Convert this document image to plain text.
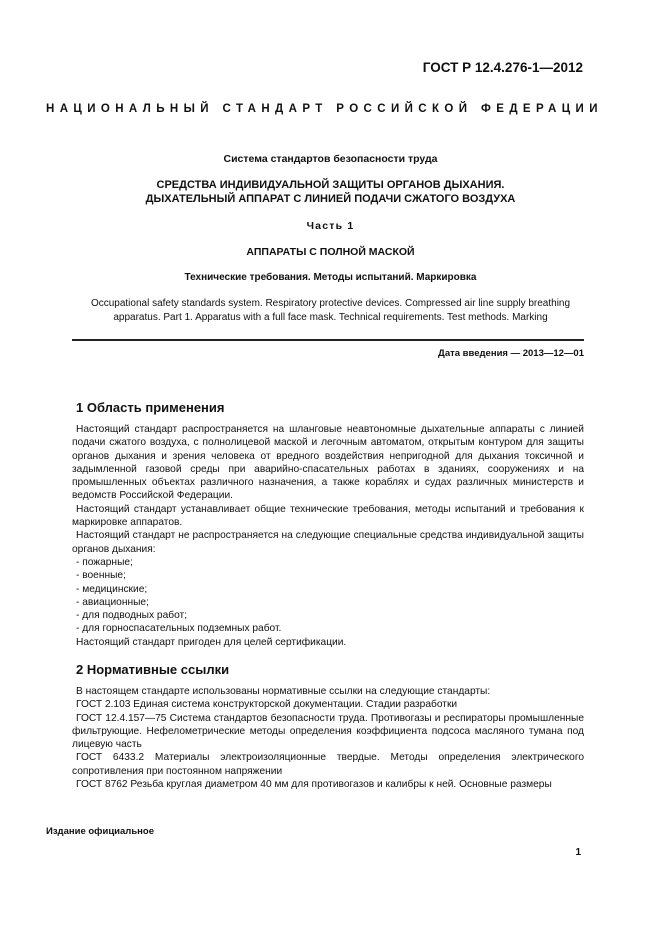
ГОСТ Р 12.4.276-1—2012
НАЦИОНАЛЬНЫЙ СТАНДАРТ РОССИЙСКОЙ ФЕДЕРАЦИИ
Система стандартов безопасности труда
СРЕДСТВА ИНДИВИДУАЛЬНОЙ ЗАЩИТЫ ОРГАНОВ ДЫХАНИЯ.
ДЫХАТЕЛЬНЫЙ АППАРАТ С ЛИНИЕЙ ПОДАЧИ СЖАТОГО ВОЗДУХА
Часть 1
АППАРАТЫ С ПОЛНОЙ МАСКОЙ
Технические требования. Методы испытаний. Маркировка
Occupational safety standards system. Respiratory protective devices. Compressed air line supply breathing
apparatus. Part 1. Apparatus with a full face mask. Technical requirements. Test methods. Marking
Дата введения — 2013—12—01
1 Область применения

Настоящий стандарт распространяется на шланговые неавтономные дыхательные аппараты с линией подачи сжатого воздуха, с полнолицевой маской и легочным автоматом, открытым контуром для защиты органов дыхания и зрения человека от вредного воздействия непригодной для дыхания токсичной и задымленной газовой среды при аварийно-спасательных работах в зданиях, сооружениях и на промышленных объектах различного назначения, а также кораблях и судах различных министерств и ведомств Российской Федерации.

Настоящий стандарт устанавливает общие технические требования, методы испытаний и требования к маркировке аппаратов.

Настоящий стандарт не распространяется на следующие специальные средства индивидуальной защиты органов дыхания:

- пожарные;

- военные;

- медицинские;

- авиационные;

- для подводных работ;

- для горноспасательных подземных работ.

Настоящий стандарт пригоден для целей сертификации.

2 Нормативные ссылки

В настоящем стандарте использованы нормативные ссылки на следующие стандарты:

ГОСТ 2.103 Единая система конструкторской документации. Стадии разработки

ГОСТ 12.4.157—75 Система стандартов безопасности труда. Противогазы и респираторы промышленные фильтрующие. Нефелометрические методы определения коэффициента подсоса масляного тумана под лицевую часть

ГОСТ 6433.2 Материалы электроизоляционные твердые. Методы определения электрического сопротивления при постоянном напряжении

ГОСТ 8762 Резьба круглая диаметром 40 мм для противогазов и калибры к ней. Основные размеры

Издание официальное
1
